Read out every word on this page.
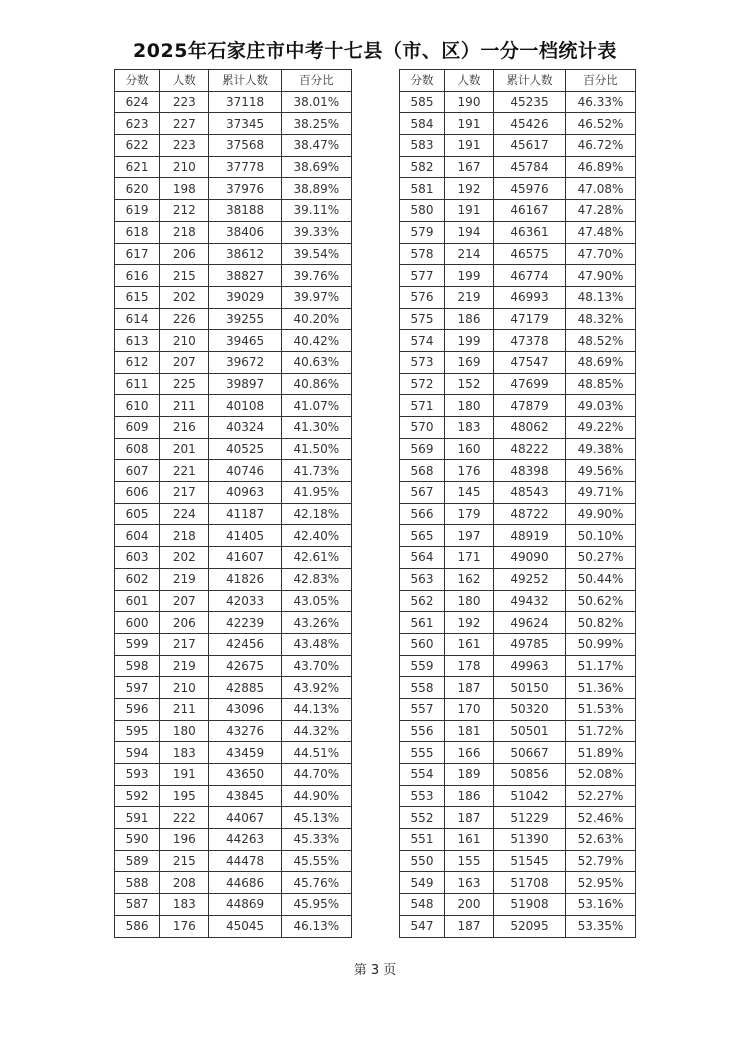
2025年石家庄市中考十七县（市、区）一分一档统计表
分数	人数	累计人数	百分比
624	223	37118	38.01%
623	227	37345	38.25%
622	223	37568	38.47%
621	210	37778	38.69%
620	198	37976	38.89%
619	212	38188	39.11%
618	218	38406	39.33%
617	206	38612	39.54%
616	215	38827	39.76%
615	202	39029	39.97%
614	226	39255	40.20%
613	210	39465	40.42%
612	207	39672	40.63%
611	225	39897	40.86%
610	211	40108	41.07%
609	216	40324	41.30%
608	201	40525	41.50%
607	221	40746	41.73%
606	217	40963	41.95%
605	224	41187	42.18%
604	218	41405	42.40%
603	202	41607	42.61%
602	219	41826	42.83%
601	207	42033	43.05%
600	206	42239	43.26%
599	217	42456	43.48%
598	219	42675	43.70%
597	210	42885	43.92%
596	211	43096	44.13%
595	180	43276	44.32%
594	183	43459	44.51%
593	191	43650	44.70%
592	195	43845	44.90%
591	222	44067	45.13%
590	196	44263	45.33%
589	215	44478	45.55%
588	208	44686	45.76%
587	183	44869	45.95%
586	176	45045	46.13%
分数	人数	累计人数	百分比
585	190	45235	46.33%
584	191	45426	46.52%
583	191	45617	46.72%
582	167	45784	46.89%
581	192	45976	47.08%
580	191	46167	47.28%
579	194	46361	47.48%
578	214	46575	47.70%
577	199	46774	47.90%
576	219	46993	48.13%
575	186	47179	48.32%
574	199	47378	48.52%
573	169	47547	48.69%
572	152	47699	48.85%
571	180	47879	49.03%
570	183	48062	49.22%
569	160	48222	49.38%
568	176	48398	49.56%
567	145	48543	49.71%
566	179	48722	49.90%
565	197	48919	50.10%
564	171	49090	50.27%
563	162	49252	50.44%
562	180	49432	50.62%
561	192	49624	50.82%
560	161	49785	50.99%
559	178	49963	51.17%
558	187	50150	51.36%
557	170	50320	51.53%
556	181	50501	51.72%
555	166	50667	51.89%
554	189	50856	52.08%
553	186	51042	52.27%
552	187	51229	52.46%
551	161	51390	52.63%
550	155	51545	52.79%
549	163	51708	52.95%
548	200	51908	53.16%
547	187	52095	53.35%
第 3 页
